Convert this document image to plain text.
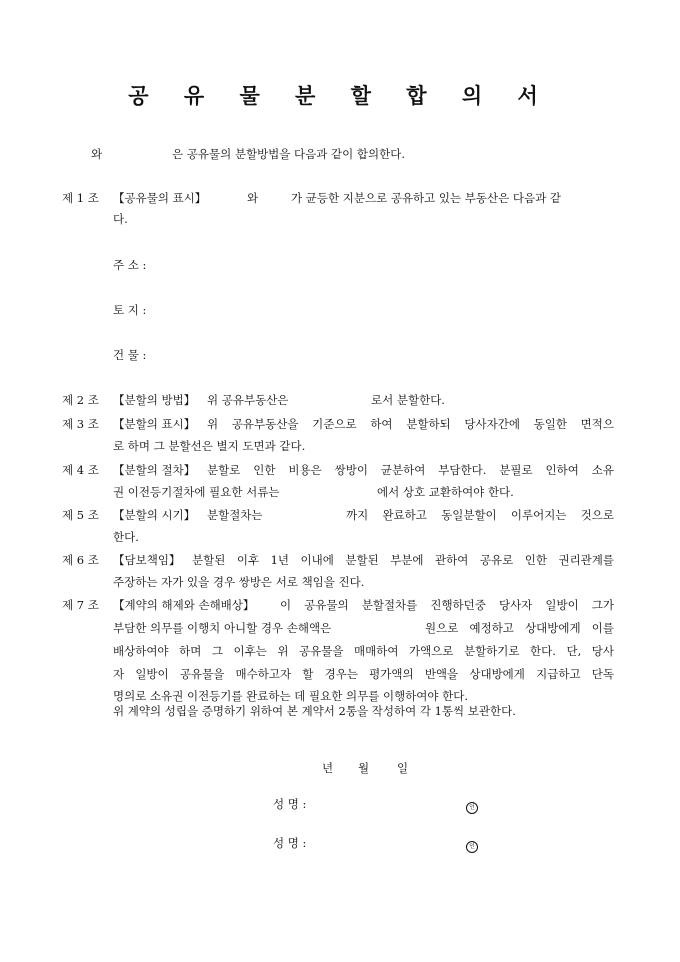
공 유 물 분 할 합 의 서
와	은 공유물의 분할방법을 다음과 같이 합의한다.
제 1 조 【공유물의 표시】	와	가 균등한 지분으로 공유하고 있는 부동산은 다음과 같
다.
주 소 :
토 지 :
건 물 :
제 2 조 【분할의 방법】 위 공유부동산은	로서 분할한다.
제 3 조 【분할의 표시】 위 공유부동산을 기준으로 하여 분할하되 당사자간에 동일한 면적으
로 하며 그 분할선은 별지 도면과 같다.
제 4 조 【분할의 절차】 분할로 인한 비용은 쌍방이 균분하여 부담한다. 분필로 인하여 소유
권 이전등기절차에 필요한 서류는	에서 상호 교환하여야 한다.
제 5 조 【분할의 시기】 분할절차는	까지 완료하고 동일분할이 이루어지는 것으로
한다.
제 6 조 【담보책임】 분할된 이후 1년 이내에 분할된 부분에 관하여 공유로 인한 권리관계를
주장하는 자가 있을 경우 쌍방은 서로 책임을 진다.
제 7 조 【계약의 해제와 손해배상】 이 공유물의 분할절차를 진행하던중 당사자 일방이 그가
부담한 의무를 이행치 아니할 경우 손해액은	원으로 예정하고 상대방에게 이를
배상하여야 하며 그 이후는 위 공유물을 매매하여 가액으로 분할하기로 한다. 단, 당사
자 일방이 공유물을 매수하고자 할 경우는 평가액의 반액을 상대방에게 지급하고 단독
명의로 소유권 이전등기를 완료하는 데 필요한 의무를 이행하여야 한다.
위 계약의 성립을 증명하기 위하여 본 계약서 2통을 작성하여 각 1통씩 보관한다.
년 월 일
성 명 :	인
성 명 :	인
